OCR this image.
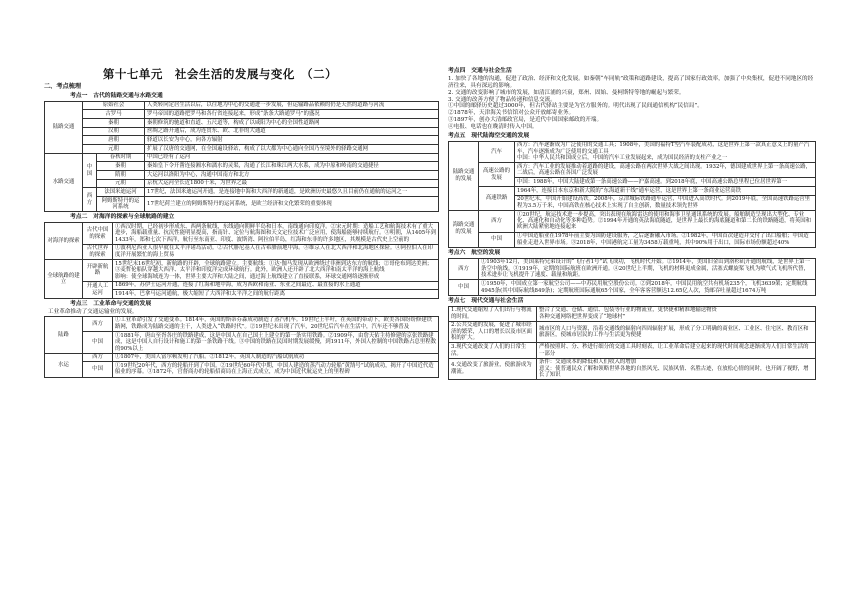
第十七单元　社会生活的发展与变化　（二）
二、考点梳理
考点一　古代的陆路交通与水路交通
陆路交通	原始社会		人类转向定居生活以后，以往地为中心的交通进一步发展，但运输路品依赖的仍是天然的道路与河流
	古罗马		罗马帝国的道路把罗马和各行省连接起来，形成“条条大路通罗马”的盛况
	秦朝		秦朝修筑的驰道和直道、五尺道等，构成了以咸阳为中心的全国性道路网
	汉朝		丝绸之路开通后，成为连贯东、欧、北非的大通道
	唐朝		驿道以长安为中心，向各方辐射
	元朝		扩展了汉唐的交通网，在全国遍设驿站，构成了以大都为中心通向全国乃至境外的驿路交通网
水路交通	中国	春秋时期	中国已经有了运河
		秦朝	秦始皇下令开凿连接湘水和漓水的灵渠，沟通了长江和珠江两大水系，成为中原和岭南的交通捷径
		隋朝	大运河以洛阳为中心，沟通中国南方和北方
		元朝	京杭大运河全长近1800千米，为世界之最
	西方	法国米迪运河	17世纪，法国米迪运河开通，是连接地中海和大西洋的新通道，是欧洲历史最悠久且目前仍在通航的运河之一
		阿姆斯特丹的运河系统	17世纪荷兰建立的阿姆斯特丹的运河系统，是欧兰经济和文化繁荣的重要体现
考点二　对海洋的探索与全球航路的建立
对海洋的探索	古代中国的探索	①西汉时期，已经初步形成东、西两条航线，东线通向朝鲜半岛和日本，南线通向印度洋。②宋元时期：造船工艺和航海技术有了重大进步，海船载重量、抗沉性能明显提高，指南针、定位与航海图和天文定位技术广泛应用，使海船能够持续航行。③明朝，从1405年到1433年，郑和七次下西洋，航行至东南亚、印度、波斯湾、阿拉伯半岛，红海和东非的许多地区，其规模是古代史上空前的
	古代世界的探索	①波利尼西亚人很早就在太平洋诸岛活动。②古代腓尼基人在古希腊演地中海。③维京人在北大西洋和北海地区探险。④阿拉伯人在印度洋开展繁忙的海上贸易
全球航路的建立	开辟新航路	15世纪末16世纪初，新航路的开辟，全球航路建立。主要航线：①达·伽马发现从欧洲绕过非洲到达东方的航线；②哥伦布到达美洲；③麦哲伦船队穿越大西洋、太平洋和印度洋完成环球航行。此外，欧洲人还开辟了北大西洋和南太平洋的海上航线

影响：使全球海域连为一体，世界主要大洋和大陆之间，通过海上航线建立了直接联系，环球交通网络逐渐形成

	开通人工运河	1869年，苏伊士运河开通，连接了红海和地中海，成为西欧和南亚、东亚之间最近、最直接的水上通道
		1914年，巴拿马运河通航，极大缩短了大西洋和太平洋之间的航行距离
考点三　工业革命与交通的发展
工业革命推动了交通运输业的发展。
陆路	西方	①工业革命引发了交通变革。1814年，英国的斯蒂芬森成功制造了蒸汽机车。19世纪上半叶，在英国的带动下，欧美各国纷纷修建铁路网，铁路成为陆路交通的主干，人类进入“铁路时代”。②19世纪末出现了汽车，20世纪后汽车在生活中，汽车还不够普及
	中国	①1881年，唐山至胥各庄的铁路建成，这是中国人在自己国土上建立的第一条实用铁路。②1909年，由詹天佑主持修建的京张铁路建成，这是中国人自行设计和施工的第一条铁路干线。③中国的铁路在民国时期发展缓慢，到1911年，外国人控制的中国铁路占总里程数的90%以上
水运	西方	①1807年，美国人富尔顿发明了汽船。②1812年，英国人制造的汽船试航成功
	中国	①19世纪20年代，西方的轮船开到了中国。②19世纪60年代中期，中国人建造的蒸汽动力轮船“黄鹄号”试航成功，揭开了中国近代造船业的序幕。③1872年，官督商办的轮船招商局在上海正式成立，成为中国近代航运史上的里程碑
考点四　交通与社会生活

1. 加快了各地的沟通，促进了政治、经济和文化发展。如秦朝“车同轨”政策和道路建设，提高了国家行政效率，加强了中央集权，促进不同地区的经济往来，具有深远的影响。

2. 交通的改变影响了城市的发展，如清江浦的兴衰，郑州、固始、曼柯斯特等地的崛起与繁荣。

3. 交通的改善方便了物品传递和信息交流。

①中国的邮驿历史超过3000年，但古代驿站主要是为官方服务的。明代出现了民间通信机构“民信局”。

②1878年，天津海关书信馆对公众开放邮寄业务。

③1897年，创办大清邮政官局，是近代中国国家邮政的开端。

④电报、电话也在晚清时传入中国。

考点五　现代陆海空交通的发展
陆路交通的发展	汽车	西方：汽车逐渐成为广泛使用的交通工具；1908年，美国的福特T型汽车装配成功，这是世界上第一款真正意义上的量产汽车，汽车逐渐成为广泛使用的交通工具

中国：中华人民共和国成立后，中国的汽车工业发展起来，成为国民经济的支柱产业之一

	高速公路的发展	西方：汽车工业的发展推动着道路的建设，高速公路在两次世界大战之间出现。1932年，德国建成世界上第一条高速公路，二战后，高速公路在各国广泛发展
		中国：1988年，中国大陆建成第一条高速公路——沪嘉高速。到2018年底，中国高速公路总里程已位居世界第一
	高速铁路	1964年，连接日本东京和新大阪的“东海道新干线”通车运营，这是世界上第一条商业运营高铁
		20世纪末，中国开始建设高铁。2008年，京津城际铁路通车运营，中国进入高铁时代。到2019年底，全国高速铁路运营里程为3.5万千米，中国高铁在核心技术上实现了自主创新，数量技术领先世界
海路交通的发展	西方	①20世纪，航运技术进一步提高，突出表现在航海雷达的使用和海事卫星通讯系统的发展。船舶制造呈现出大型化、专业化、高速化和自动化等多种趋势。②1994年开通的英法海底隧道，是世界上最长的海底隧道和第二长的铁路隧道，将英国和欧洲大陆紧密地连接起来
	中国	①中国造船业在1978年前主要为国防建设服务，之后逐渐融入市场。②1982年，中国首次建造并交付了出口船舶；中国造船业走进入世界市场。③2018年，中国港航完工量为3458万载重吨，其中90%用于出口，国际市场份额超过40%
考点六　航空的发展
西方	①1903年12月，美国莱特兄弟设计的“飞行者1号”试飞成功，飞机时代开始。②1914年，美国旧金山到洛杉矶开通的航线，是世界上第一条空中航线。③1919年，定期的国际航班在欧洲开通。④20世纪上半期，飞机的材料更成金属，活塞式螺旋桨飞机为喷气式飞机所代替，技术进步让飞机提升了速度、载量和航距。
中国	①1950年，中国成立第一家航空公司——中苏民用航空股份公司。②到2018年，中国民用航空共有机场235个，飞机3639架；定期航线4945条(其中国际航线849条)；定期航班国际通航65个国家，全年客客营额达12.65亿人次，货邮吞吐量超过1674万吨
考点七　现代交通与社会生活
1.现代交通缩短了人们出行与物流的时间。	整合了交通、仓储、通信、包装等行业的物流业，更快捷和精准地输送物资

各种交通网络把世界变成了“地球村”

2.公共交通的发展，促进了城市经济的繁荣，人口的增长以及市区面积的扩大。	城市区的人口与资源，沿着交通线的辐射向四周辐射扩展，形成了分工明确的商业区、工业区、住宅区、教育区和旅游区，使城市居民的工作与生活更为便捷
3.现代交通改变了人们的日常生活。	严格按照时、分、秒进行细分的交通工具时刻表，让工业革命后建立起来的现代时间观念逐渐成为人们日常生活的一部分
4.交通改变了旅游业，使旅游成为潮流。	条件：交通成本的降低和人们收入的增加

意义：使普通民众了解和领略世界各地的自然风光、民族风情、名胜古迹，在放松心情的同时，也开阔了视野，增长了知识
